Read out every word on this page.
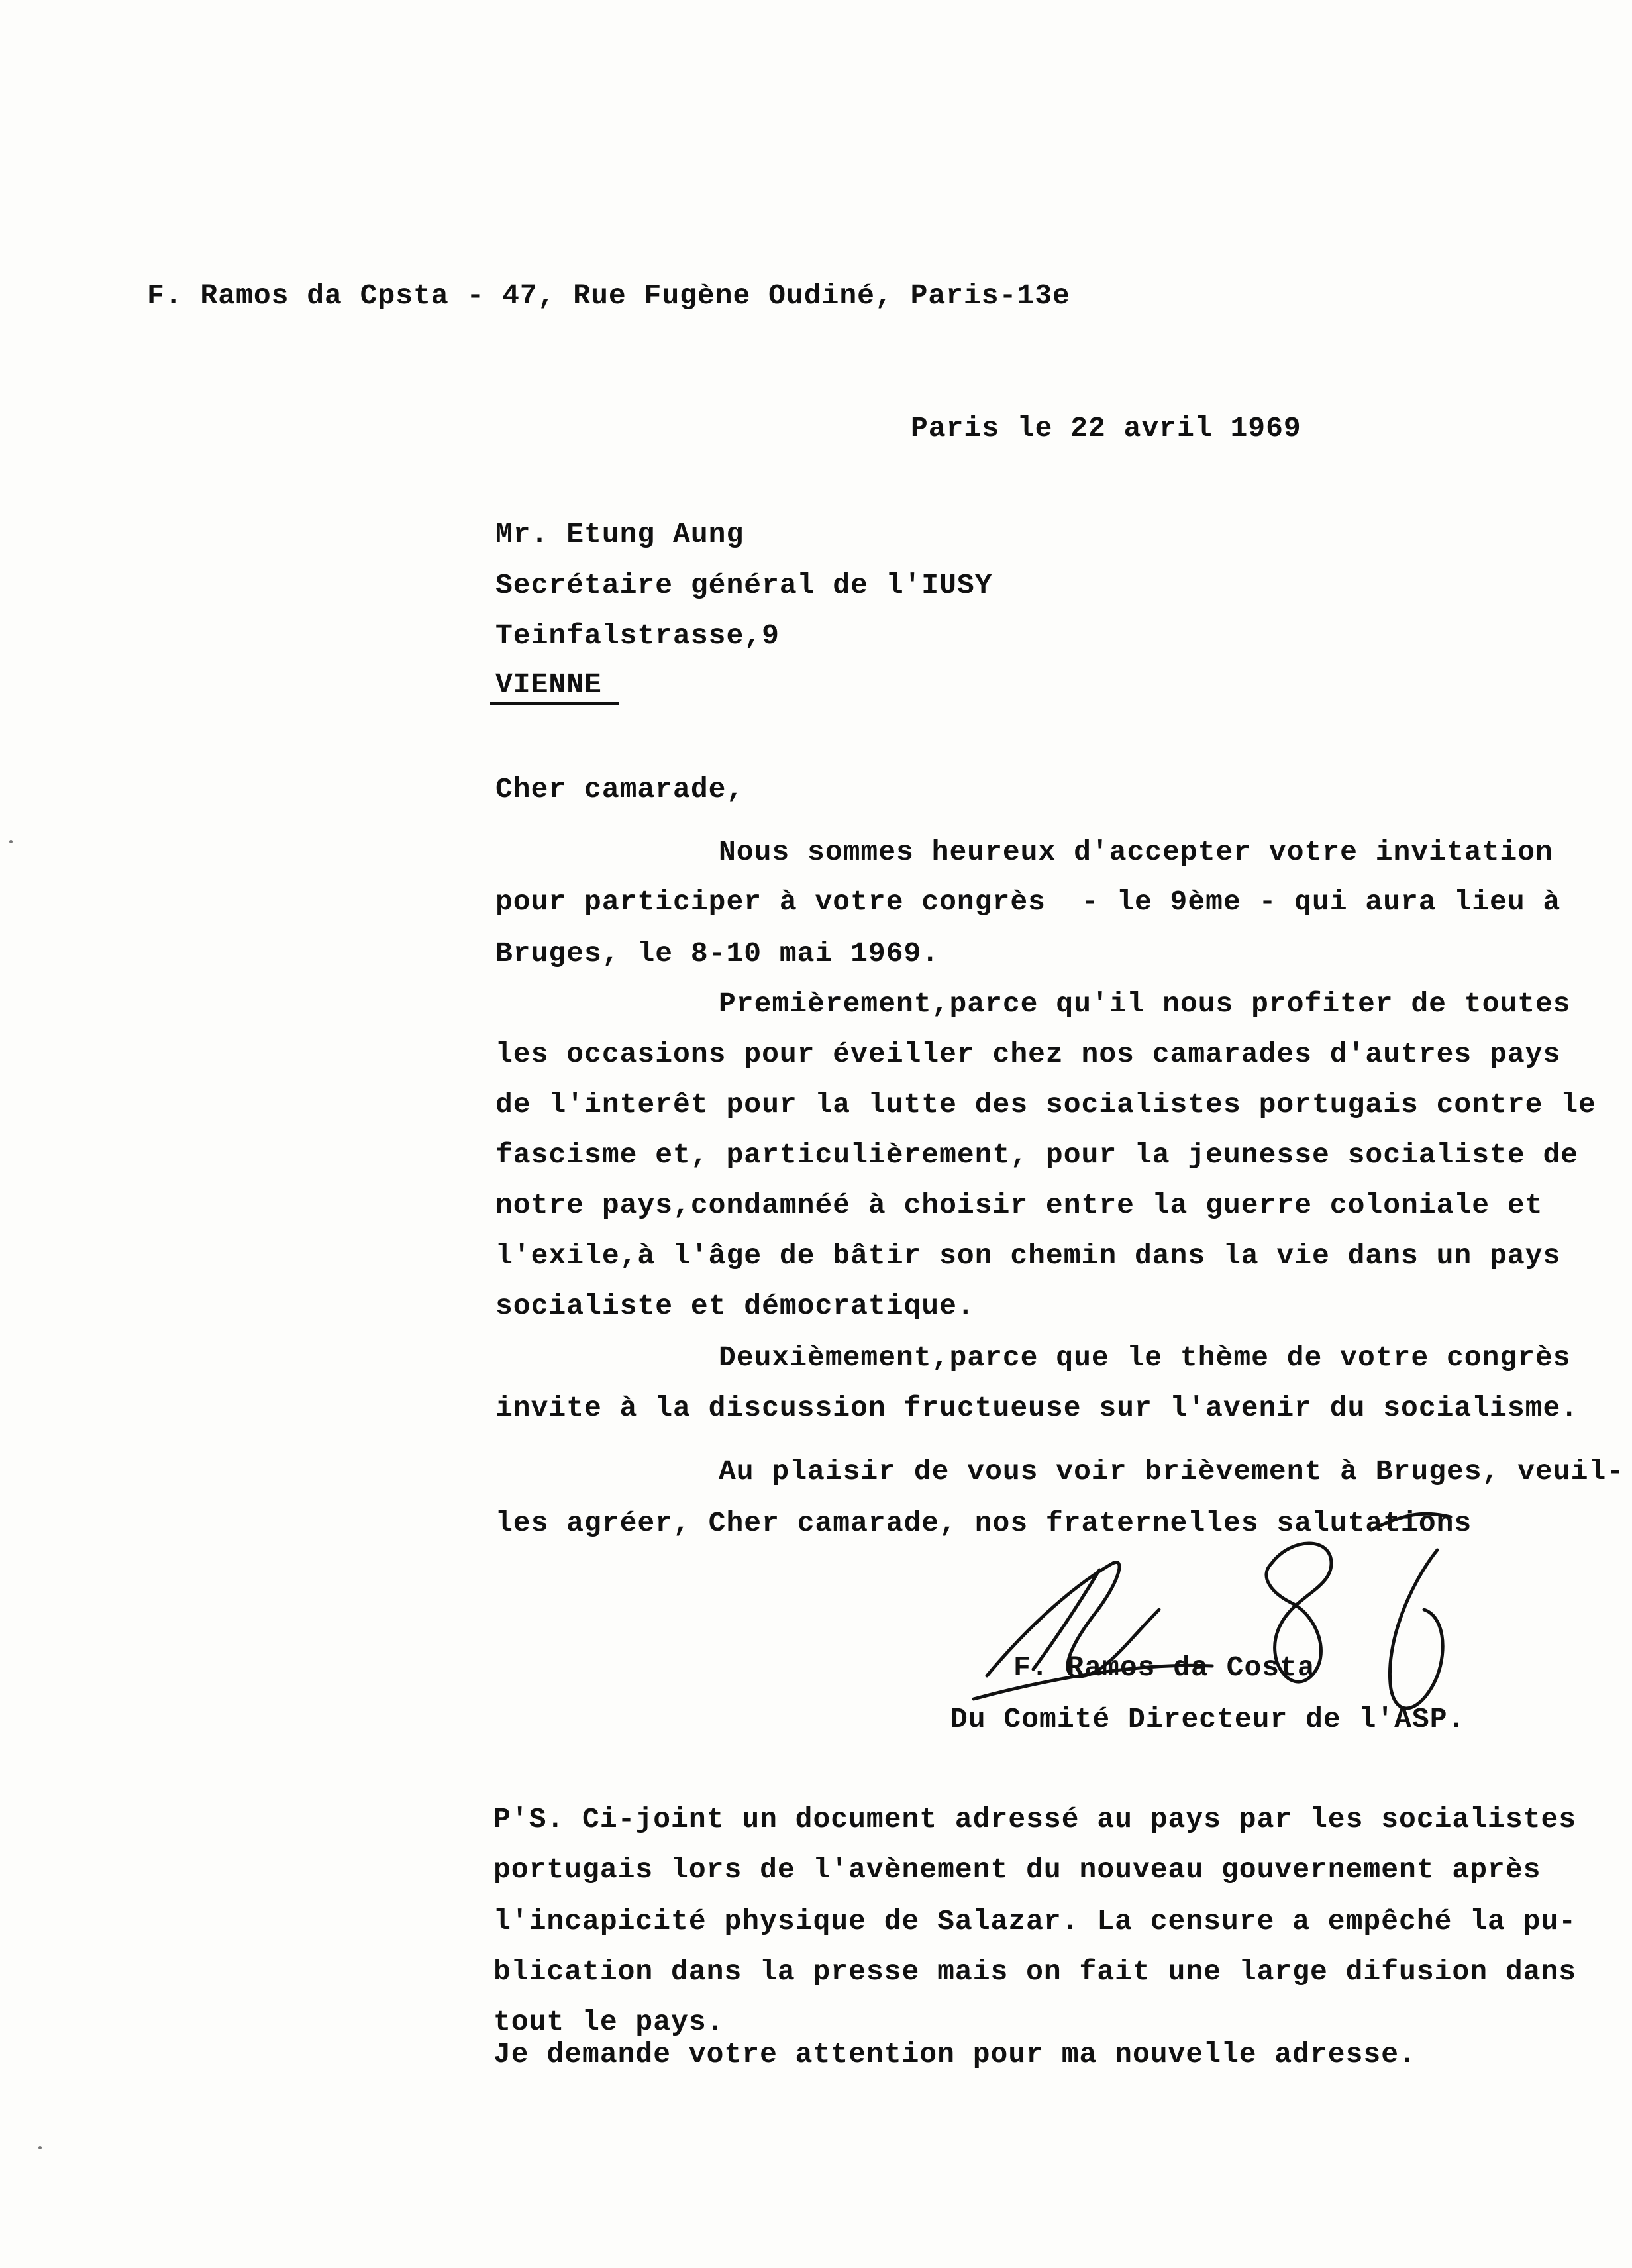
F. Ramos da Cpsta - 47, Rue Fugène Oudiné, Paris-13e
Paris le 22 avril 1969
Mr. Etung Aung
Secrétaire général de l'IUSY
Teinfalstrasse,9
VIENNE
Cher camarade,
Nous sommes heureux d'accepter votre invitation
pour participer à votre congrès  - le 9ème - qui aura lieu à
Bruges, le 8-10 mai 1969.
Premièrement,parce qu'il nous profiter de toutes
les occasions pour éveiller chez nos camarades d'autres pays
de l'interêt pour la lutte des socialistes portugais contre le
fascisme et, particulièrement, pour la jeunesse socialiste de
notre pays,condamnéé à choisir entre la guerre coloniale et
l'exile,à l'âge de bâtir son chemin dans la vie dans un pays
socialiste et démocratique.
Deuxièmement,parce que le thème de votre congrès
invite à la discussion fructueuse sur l'avenir du socialisme.
Au plaisir de vous voir brièvement à Bruges, veuil-
les agréer, Cher camarade, nos fraternelles salutations
F. Ramos da Costa
Du Comité Directeur de l'ASP.
P'S. Ci-joint un document adressé au pays par les socialistes
portugais lors de l'avènement du nouveau gouvernement après
l'incapicité physique de Salazar. La censure a empêché la pu-
blication dans la presse mais on fait une large difusion dans
tout le pays.
Je demande votre attention pour ma nouvelle adresse.
